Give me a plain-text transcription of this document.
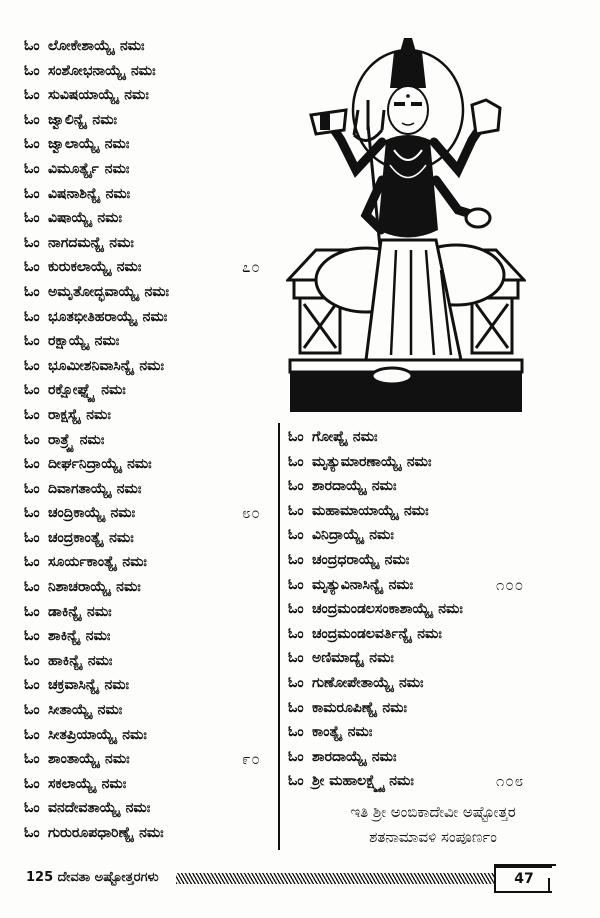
ಓಂ ಲೋಕೇಶಾಯ್ಯೈ ನಮಃ
ಓಂ ಸಂಶೋಭನಾಯ್ಯೈ ನಮಃ
ಓಂ ಸುವಿಷಯಾಯ್ಯೈ ನಮಃ
ಓಂ ಜ್ವಾಲಿನ್ಯೈ ನಮಃ
ಓಂ ಜ್ವಾಲಾಯ್ಯೈ ನಮಃ
ಓಂ ವಿಮೂರ್ತ್ಯೈ ನಮಃ
ಓಂ ವಿಷನಾಶಿನ್ಯೈ ನಮಃ
ಓಂ ವಿಷಾಯ್ಯೈ ನಮಃ
ಓಂ ನಾಗದಮನ್ಯೈ ನಮಃ
ಓಂ ಕುರುಕಲಾಯ್ಯೈ ನಮಃ	೭೦
ಓಂ ಅಮೃತೋದ್ಭವಾಯ್ಯೈ ನಮಃ
ಓಂ ಭೂತಭೀತಿಹರಾಯ್ಯೈ ನಮಃ
ಓಂ ರಕ್ಷಾಯ್ಯೈ ನಮಃ
ಓಂ ಭೂಮೀಶನಿವಾಸಿನ್ಯೈ ನಮಃ
ಓಂ ರಕ್ಷೋಘ್ನ್ಯೈ ನಮಃ
ಓಂ ರಾಕ್ಷಸ್ಯೈ ನಮಃ
ಓಂ ರಾತ್ರ್ಯೈ ನಮಃ
ಓಂ ದೀರ್ಘನಿದ್ರಾಯ್ಯೈ ನಮಃ
ಓಂ ದಿವಾಗತಾಯ್ಯೈ ನಮಃ
ಓಂ ಚಂದ್ರಿಕಾಯ್ಯೈ ನಮಃ	೮೦
ಓಂ ಚಂದ್ರಕಾಂತ್ಯೈ ನಮಃ
ಓಂ ಸೂರ್ಯಕಾಂತ್ಯೈ ನಮಃ
ಓಂ ನಿಶಾಚರಾಯ್ಯೈ ನಮಃ
ಓಂ ಡಾಕಿನ್ಯೈ ನಮಃ
ಓಂ ಶಾಕಿನ್ಯೈ ನಮಃ
ಓಂ ಹಾಕಿನ್ಯೈ ನಮಃ
ಓಂ ಚಕ್ರವಾಸಿನ್ಯೈ ನಮಃ
ಓಂ ಸೀತಾಯ್ಯೈ ನಮಃ
ಓಂ ಸೀತಪ್ರಿಯಾಯ್ಯೈ ನಮಃ
ಓಂ ಶಾಂತಾಯ್ಯೈ ನಮಃ	೯೦
ಓಂ ಸಕಲಾಯ್ಯೈ ನಮಃ
ಓಂ ವನದೇವತಾಯ್ಯೈ ನಮಃ
ಓಂ ಗುರುರೂಪಧಾರಿಣ್ಯೈ ನಮಃ
ಓಂ ಗೋಪ್ಯೈ ನಮಃ
ಓಂ ಮೃತ್ಯುಮಾರಣಾಯ್ಯೈ ನಮಃ
ಓಂ ಶಾರದಾಯ್ಯೈ ನಮಃ
ಓಂ ಮಹಾಮಾಯಾಯ್ಯೈ ನಮಃ
ಓಂ ವಿನಿದ್ರಾಯ್ಯೈ ನಮಃ
ಓಂ ಚಂದ್ರಧರಾಯ್ಯೈ ನಮಃ
ಓಂ ಮೃತ್ಯುವಿನಾಸಿನ್ಯೈ ನಮಃ	೧೦೦
ಓಂ ಚಂದ್ರಮಂಡಲಸಂಕಾಶಾಯ್ಯೈ ನಮಃ
ಓಂ ಚಂದ್ರಮಂಡಲವರ್ತಿನ್ಯೈ ನಮಃ
ಓಂ ಅಣಿಮಾದ್ಯೈ ನಮಃ
ಓಂ ಗುಣೋಪೇತಾಯ್ಯೈ ನಮಃ
ಓಂ ಕಾಮರೂಪಿಣ್ಯೈ ನಮಃ
ಓಂ ಕಾಂತ್ಯೈ ನಮಃ
ಓಂ ಶಾರದಾಯ್ಯೈ ನಮಃ
ಓಂ ಶ್ರೀ ಮಹಾಲಕ್ಷ್ಮ್ಯೈ ನಮಃ	೧೦೮
ಇತಿ ಶ್ರೀ ಅಂಬಿಕಾದೇವೀ ಅಷ್ಟೋತ್ತರ
ಶತನಾಮಾವಳಿ ಸಂಪೂರ್ಣಂ
125 ದೇವತಾ ಅಷ್ಟೋತ್ತರಗಳು	47
